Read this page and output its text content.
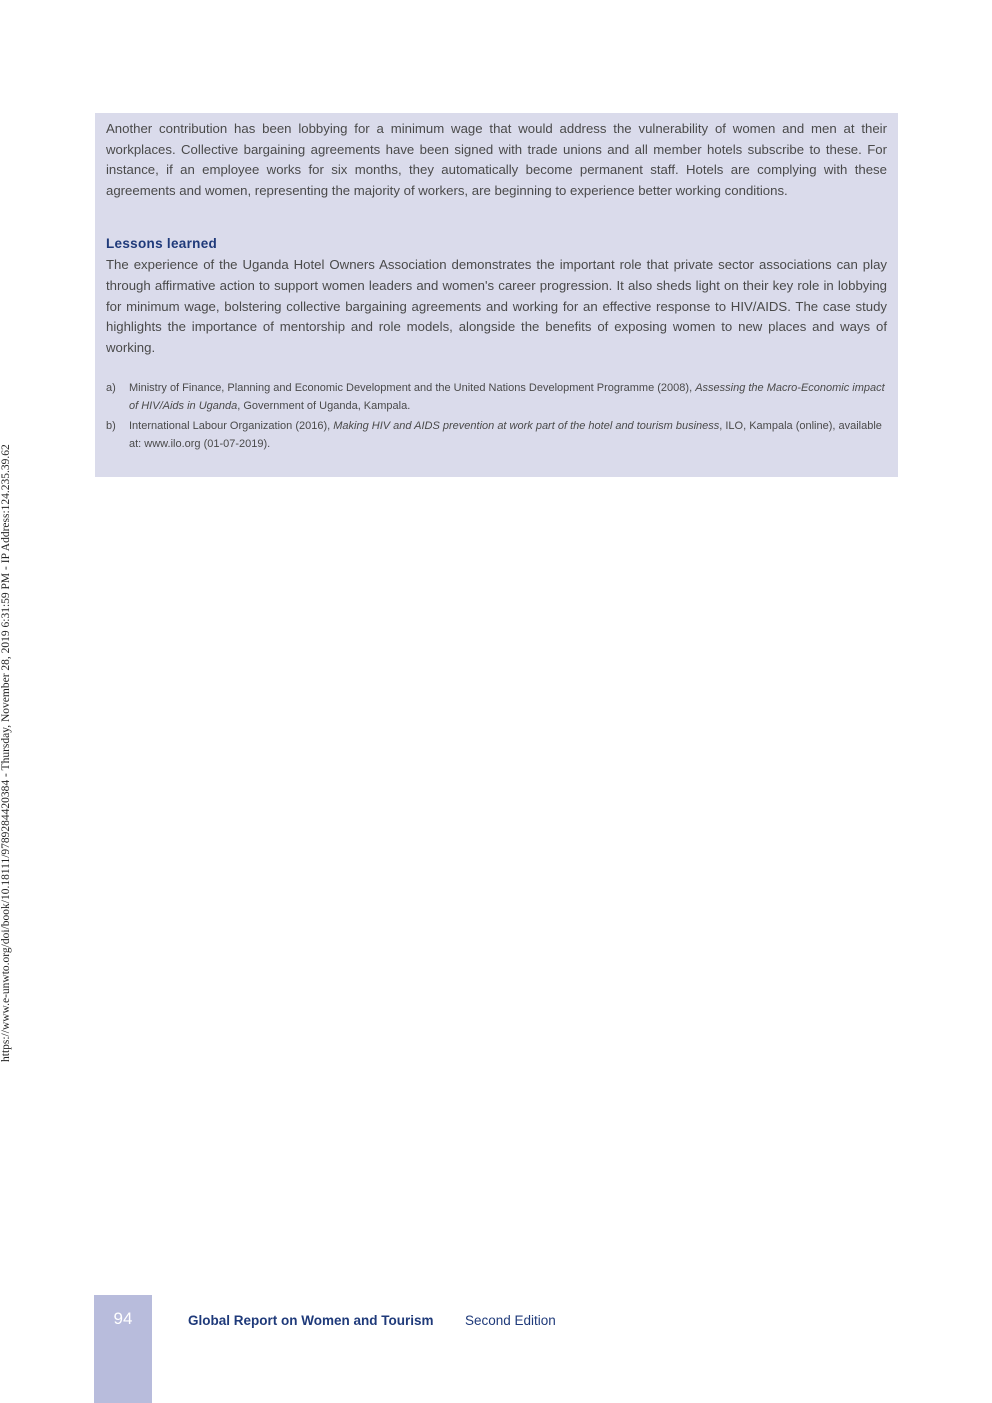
https://www.e-unwto.org/doi/book/10.18111/9789284420384 - Thursday, November 28, 2019 6:31:59 PM - IP Address:124.235.39.62

Another contribution has been lobbying for a minimum wage that would address the vulnerability of women and men at their workplaces. Collective bargaining agreements have been signed with trade unions and all member hotels subscribe to these. For instance, if an employee works for six months, they automatically become permanent staff. Hotels are complying with these agreements and women, representing the majority of workers, are beginning to experience better working conditions.

Lessons learned

The experience of the Uganda Hotel Owners Association demonstrates the important role that private sector associations can play through affirmative action to support women leaders and women's career progression. It also sheds light on their key role in lobbying for minimum wage, bolstering collective bargaining agreements and working for an effective response to HIV/AIDS. The case study highlights the importance of mentorship and role models, alongside the benefits of exposing women to new places and ways of working.

a)	Ministry of Finance, Planning and Economic Development and the United Nations Development Programme (2008), Assessing the Macro-Economic impact of HIV/Aids in Uganda, Government of Uganda, Kampala.
b)	International Labour Organization (2016), Making HIV and AIDS prevention at work part of the hotel and tourism business, ILO, Kampala (online), available at: www.ilo.org (01-07-2019).
94	Global Report on Women and Tourism Second Edition
